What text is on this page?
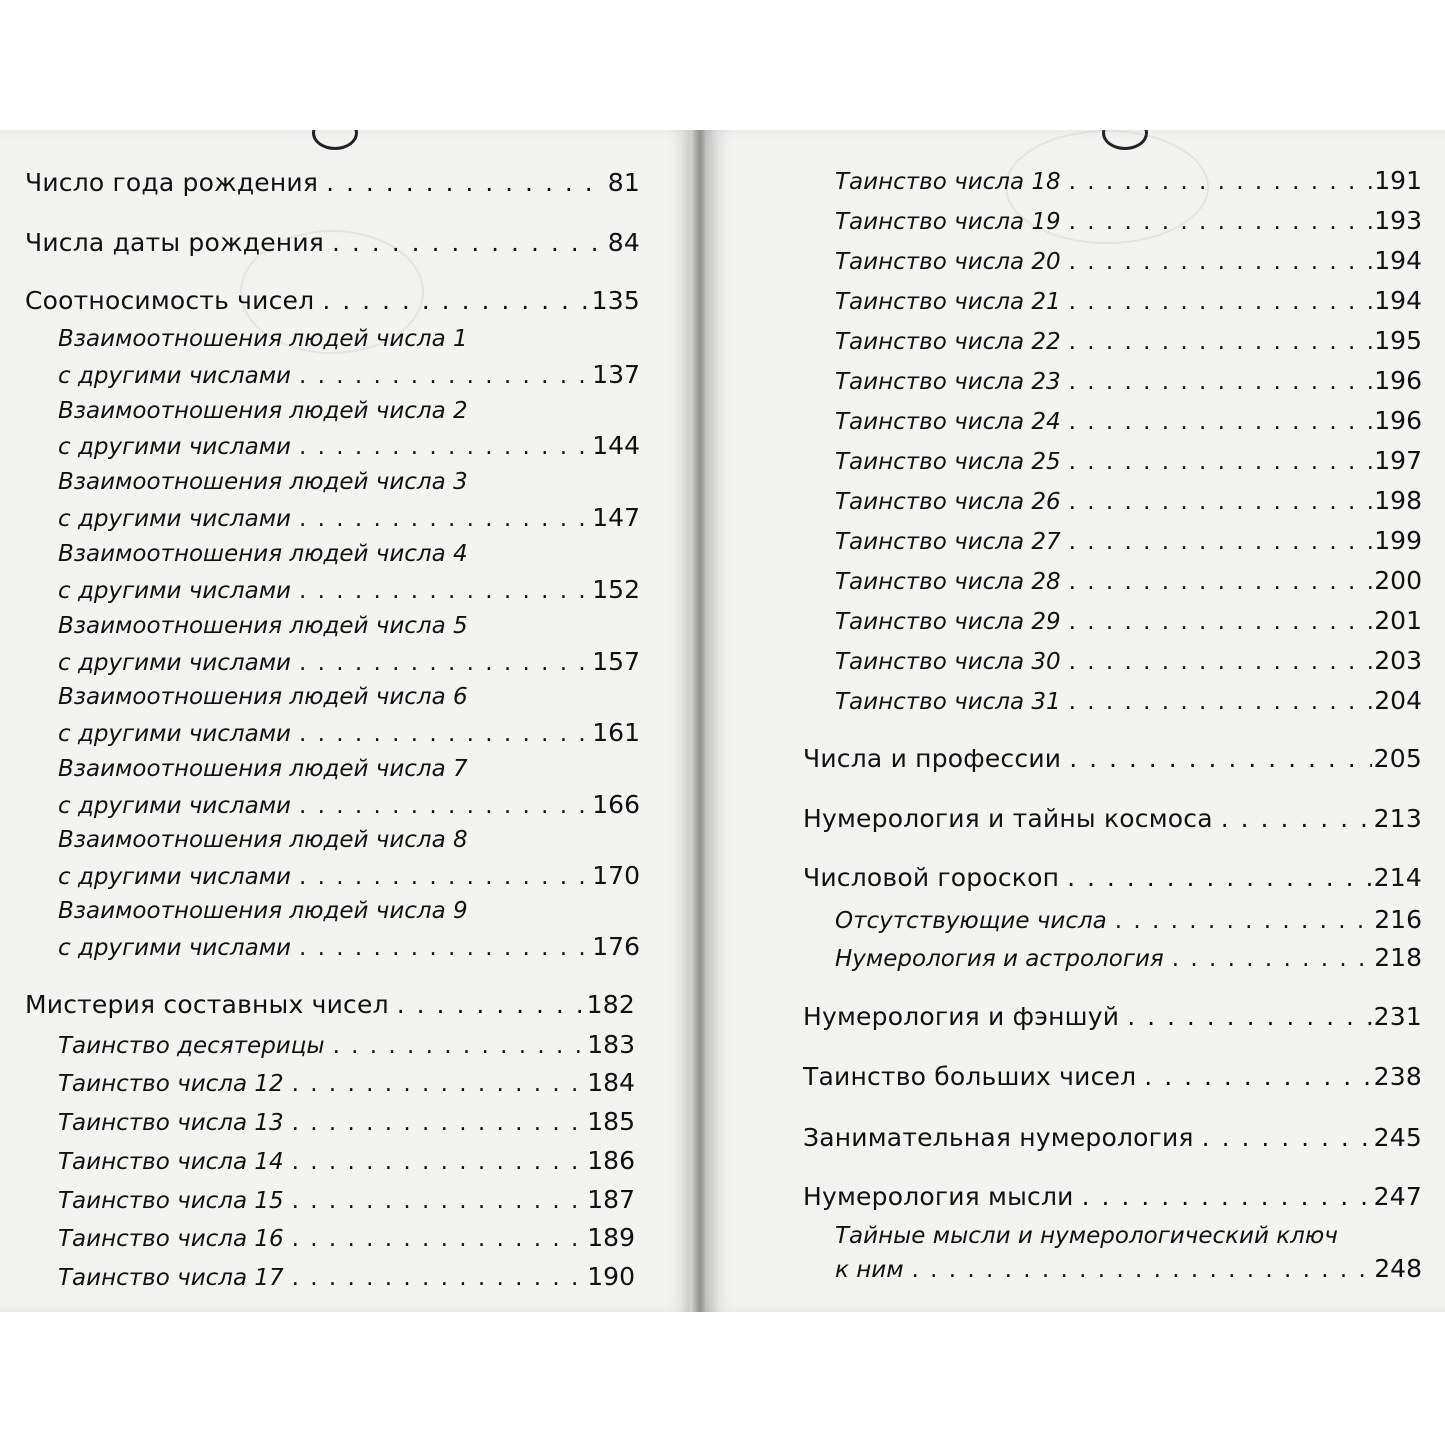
Число года рождения . . .	81
Числа даты рождения . . .	84
Соотносимость чисел . . .	135
Взаимоотношения людей числа 1
с другими числами . . .	137
Взаимоотношения людей числа 2
с другими числами . . .	144
Взаимоотношения людей числа 3
с другими числами . . .	147
Взаимоотношения людей числа 4
с другими числами . . .	152
Взаимоотношения людей числа 5
с другими числами . . .	157
Взаимоотношения людей числа 6
с другими числами . . .	161
Взаимоотношения людей числа 7
с другими числами . . .	166
Взаимоотношения людей числа 8
с другими числами . . .	170
Взаимоотношения людей числа 9
с другими числами . . .	176
Мистерия составных чисел . . .	182
Таинство десятерицы . . .	183
Таинство числа 12 . . .	184
Таинство числа 13 . . .	185
Таинство числа 14 . . .	186
Таинство числа 15 . . .	187
Таинство числа 16 . . .	189
Таинство числа 17 . . .	190
Таинство числа 18 . . .	191
Таинство числа 19 . . .	193
Таинство числа 20 . . .	194
Таинство числа 21 . . .	194
Таинство числа 22 . . .	195
Таинство числа 23 . . .	196
Таинство числа 24 . . .	196
Таинство числа 25 . . .	197
Таинство числа 26 . . .	198
Таинство числа 27 . . .	199
Таинство числа 28 . . .	200
Таинство числа 29 . . .	201
Таинство числа 30 . . .	203
Таинство числа 31 . . .	204
Числа и профессии . . .	205
Нумерология и тайны космоса . . .	213
Числовой гороскоп . . .	214
Отсутствующие числа . . .	216
Нумерология и астрология . . .	218
Нумерология и фэншуй . . .	231
Таинство больших чисел . . .	238
Занимательная нумерология . . .	245
Нумерология мысли . . .	247
Тайные мысли и нумерологический ключ
к ним . . .	248
